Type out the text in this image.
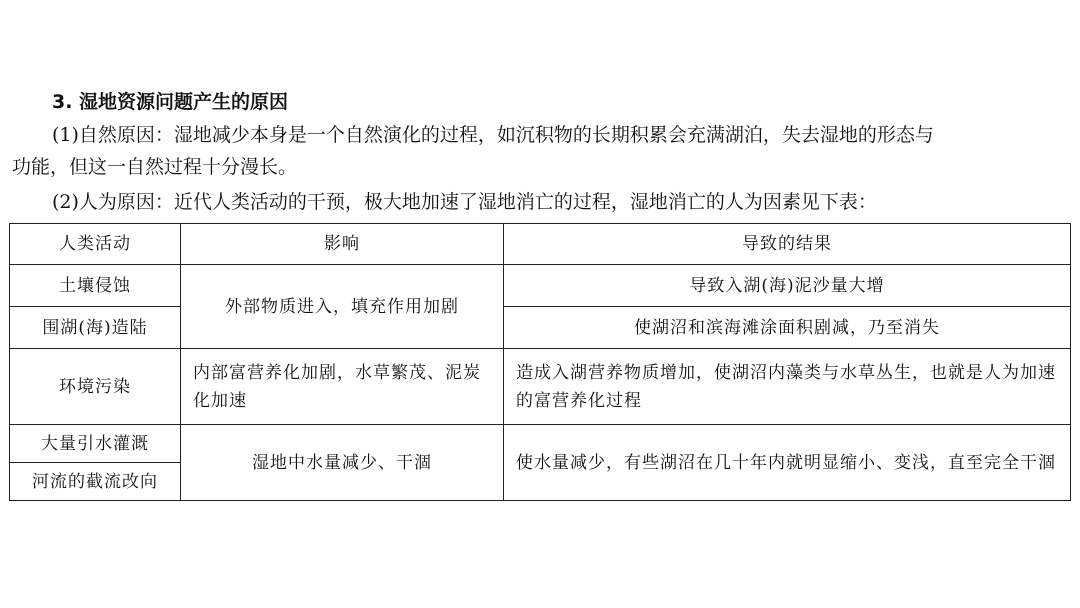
3. 湿地资源问题产生的原因
(1)自然原因：湿地减少本身是一个自然演化的过程，如沉积物的长期积累会充满湖泊，失去湿地的形态与
功能，但这一自然过程十分漫长。
(2)人为原因：近代人类活动的干预，极大地加速了湿地消亡的过程，湿地消亡的人为因素见下表：
人类活动	影响	导致的结果
土壤侵蚀	外部物质进入，填充作用加剧	导致入湖(海)泥沙量大增
围湖(海)造陆		使湖沼和滨海滩涂面积剧减，乃至消失
环境污染	内部富营养化加剧，水草繁茂、泥炭化加速	造成入湖营养物质增加，使湖沼内藻类与水草丛生，也就是人为加速的富营养化过程
大量引水灌溉	湿地中水量减少、干涸	使水量减少，有些湖沼在几十年内就明显缩小、变浅，直至完全干涸
河流的截流改向		
